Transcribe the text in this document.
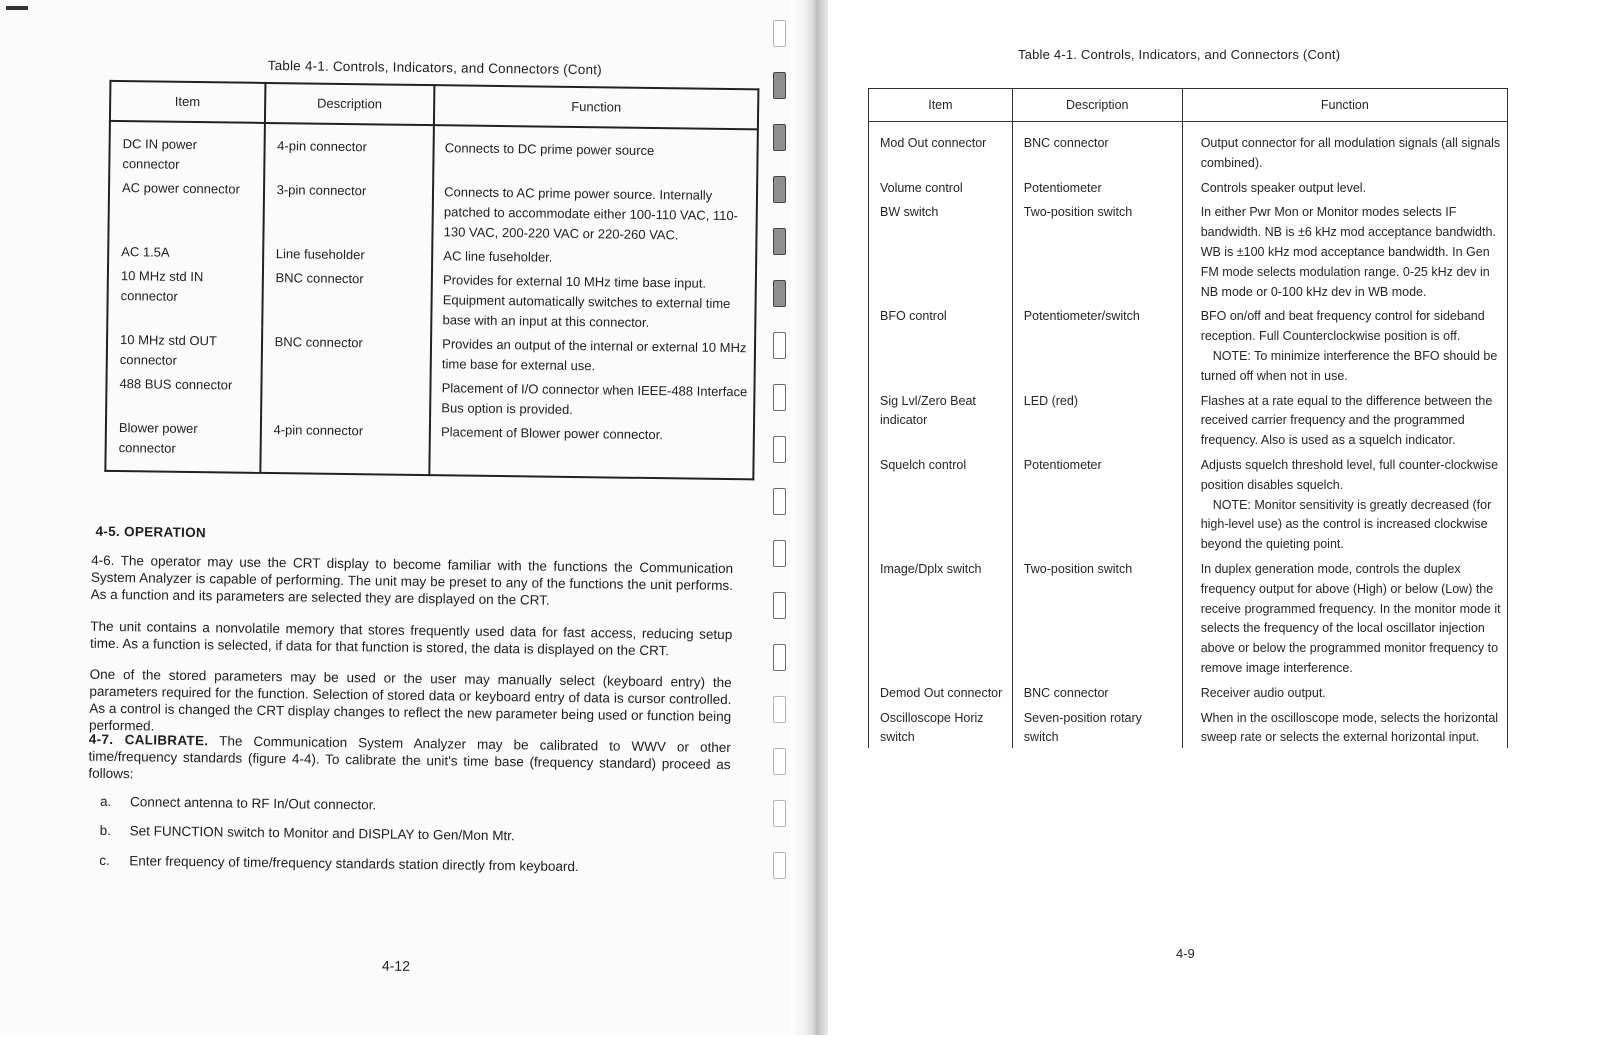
Table 4-1. Controls, Indicators, and Connectors (Cont)
Item	Description	Function
DC IN power connector	4-pin connector	Connects to DC prime power source
AC power connector	3-pin connector	Connects to AC prime power source. Internally patched to accommodate either 100-110 VAC, 110-130 VAC, 200-220 VAC or 220-260 VAC.
AC 1.5A	Line fuseholder	AC line fuseholder.
10 MHz std IN connector	BNC connector	Provides for external 10 MHz time base input. Equipment automatically switches to external time base with an input at this connector.
10 MHz std OUT connector	BNC connector	Provides an output of the internal or external 10 MHz time base for external use.
488 BUS connector		Placement of I/O connector when IEEE-488 Interface Bus option is provided.
Blower power connector	4-pin connector	Placement of Blower power connector.
4-5. OPERATION
4-6. The operator may use the CRT display to become familiar with the functions the Communication System Analyzer is capable of performing. The unit may be preset to any of the functions the unit performs. As a function and its parameters are selected they are displayed on the CRT.
The unit contains a nonvolatile memory that stores frequently used data for fast access, reducing setup time. As a function is selected, if data for that function is stored, the data is displayed on the CRT.
One of the stored parameters may be used or the user may manually select (keyboard entry) the parameters required for the function. Selection of stored data or keyboard entry of data is cursor controlled. As a control is changed the CRT display changes to reflect the new parameter being used or function being performed.
4-7. CALIBRATE. The Communication System Analyzer may be calibrated to WWV or other time/frequency standards (figure 4-4). To calibrate the unit's time base (frequency standard) proceed as follows:
a. Connect antenna to RF In/Out connector.
b. Set FUNCTION switch to Monitor and DISPLAY to Gen/Mon Mtr.
c. Enter frequency of time/frequency standards station directly from keyboard.
4-12
Table 4-1. Controls, Indicators, and Connectors (Cont)
Item	Description	Function
Mod Out connector	BNC connector	Output connector for all modulation signals (all signals combined).
Volume control	Potentiometer	Controls speaker output level.
BW switch	Two-position switch	In either Pwr Mon or Monitor modes selects IF bandwidth. NB is ±6 kHz mod acceptance bandwidth. WB is ±100 kHz mod acceptance bandwidth. In Gen FM mode selects modulation range. 0-25 kHz dev in NB mode or 0-100 kHz dev in WB mode.
BFO control	Potentiometer/switch	BFO on/off and beat frequency control for sideband reception. Full Counterclockwise position is off.
NOTE: To minimize interference the BFO should be turned off when not in use.

Sig Lvl/Zero Beat indicator	LED (red)	Flashes at a rate equal to the difference between the received carrier frequency and the programmed frequency. Also is used as a squelch indicator.
Squelch control	Potentiometer	Adjusts squelch threshold level, full counter-clockwise position disables squelch.
NOTE: Monitor sensitivity is greatly decreased (for high-level use) as the control is increased clockwise beyond the quieting point.

Image/Dplx switch	Two-position switch	In duplex generation mode, controls the duplex frequency output for above (High) or below (Low) the receive programmed frequency. In the monitor mode it selects the frequency of the local oscillator injection above or below the programmed monitor frequency to remove image interference.
Demod Out connector	BNC connector	Receiver audio output.
Oscilloscope Horiz switch	Seven-position rotary switch	When in the oscilloscope mode, selects the horizontal sweep rate or selects the external horizontal input.
4-9
